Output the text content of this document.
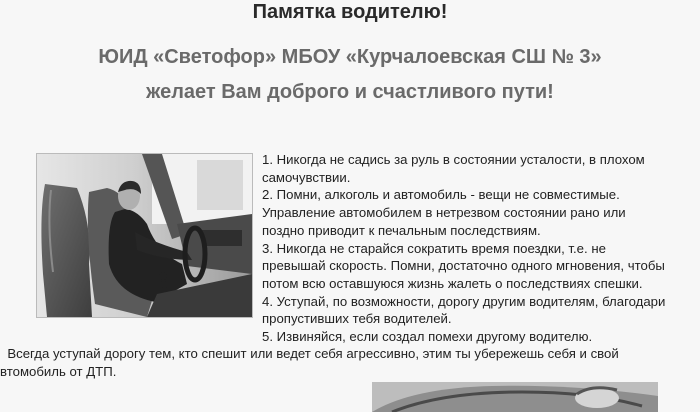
Памятка водителю!
ЮИД «Светофор» МБОУ «Курчалоевская СШ № 3»
желает Вам доброго и счастливого пути!

1. Никогда не садись за руль в состоянии усталости, в плохом

самочувствии.

2. Помни, алкоголь и автомобиль - вещи не совместимые.

Управление автомобилем в нетрезвом состоянии рано или

поздно приводит к печальным последствиям.

3. Никогда не старайся сократить время поездки, т.е. не

превышай скорость. Помни, достаточно одного мгновения, чтобы

потом всю оставшуюся жизнь жалеть о последствиях спешки.

4. Уступай, по возможности, дорогу другим водителям, благодари

пропустивших тебя водителей.

5. Извиняйся, если создал помехи другому водителю.

Всегда уступай дорогу тем, кто спешит или ведет себя агрессивно, этим ты убережешь себя и свой

втомобиль от ДТП.
